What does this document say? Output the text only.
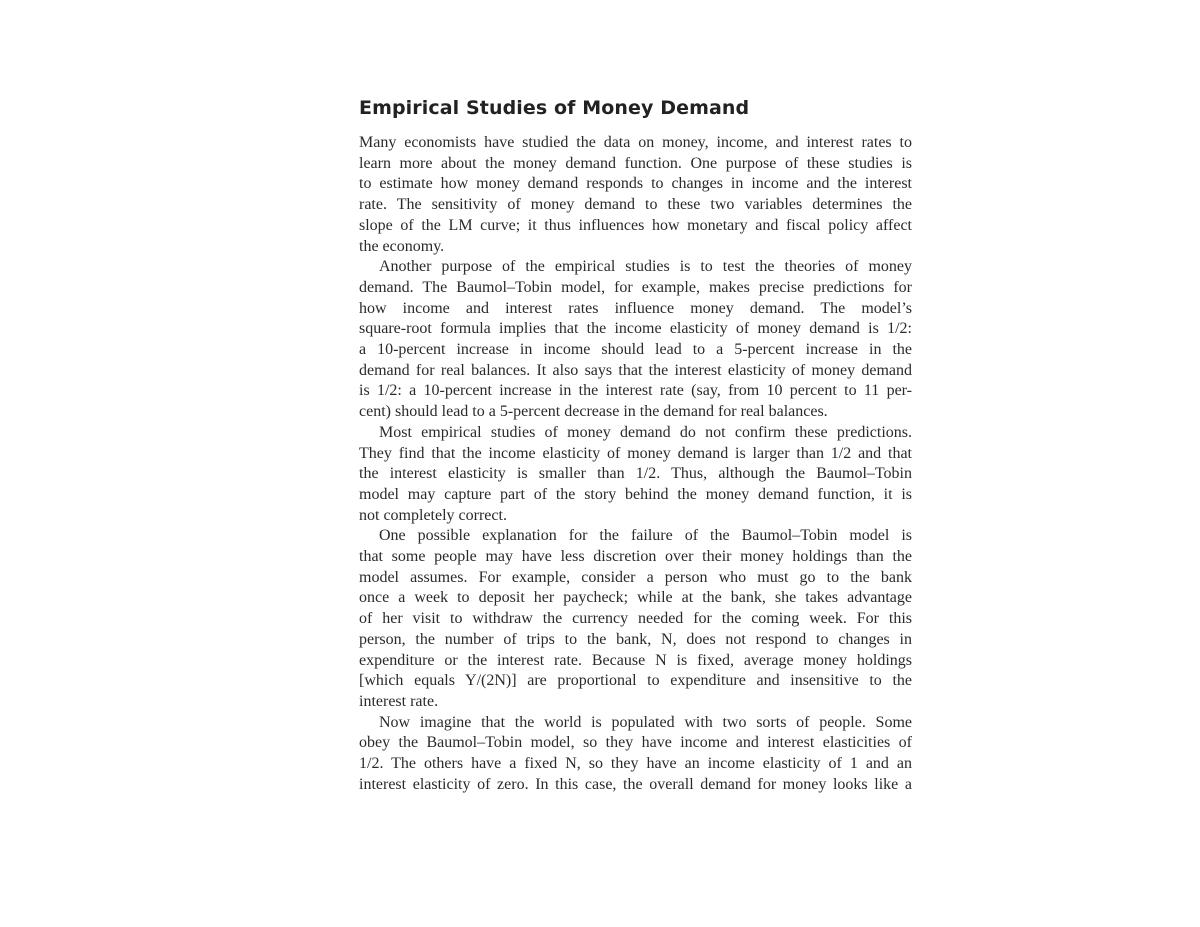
Empirical Studies of Money Demand
Many economists have studied the data on money, income, and interest rates to
learn more about the money demand function. One purpose of these studies is
to estimate how money demand responds to changes in income and the interest
rate. The sensitivity of money demand to these two variables determines the
slope of the LM curve; it thus influences how monetary and fiscal policy affect
the economy.
Another purpose of the empirical studies is to test the theories of money
demand. The Baumol–Tobin model, for example, makes precise predictions for
how income and interest rates influence money demand. The model’s
square-root formula implies that the income elasticity of money demand is 1/2:
a 10-percent increase in income should lead to a 5-percent increase in the
demand for real balances. It also says that the interest elasticity of money demand
is 1/2: a 10-percent increase in the interest rate (say, from 10 percent to 11 per-
cent) should lead to a 5-percent decrease in the demand for real balances.
Most empirical studies of money demand do not confirm these predictions.
They find that the income elasticity of money demand is larger than 1/2 and that
the interest elasticity is smaller than 1/2. Thus, although the Baumol–Tobin
model may capture part of the story behind the money demand function, it is
not completely correct.
One possible explanation for the failure of the Baumol–Tobin model is
that some people may have less discretion over their money holdings than the
model assumes. For example, consider a person who must go to the bank
once a week to deposit her paycheck; while at the bank, she takes advantage
of her visit to withdraw the currency needed for the coming week. For this
person, the number of trips to the bank, N, does not respond to changes in
expenditure or the interest rate. Because N is fixed, average money holdings
[which equals Y/(2N)] are proportional to expenditure and insensitive to the
interest rate.
Now imagine that the world is populated with two sorts of people. Some
obey the Baumol–Tobin model, so they have income and interest elasticities of
1/2. The others have a fixed N, so they have an income elasticity of 1 and an
interest elasticity of zero. In this case, the overall demand for money looks like a
